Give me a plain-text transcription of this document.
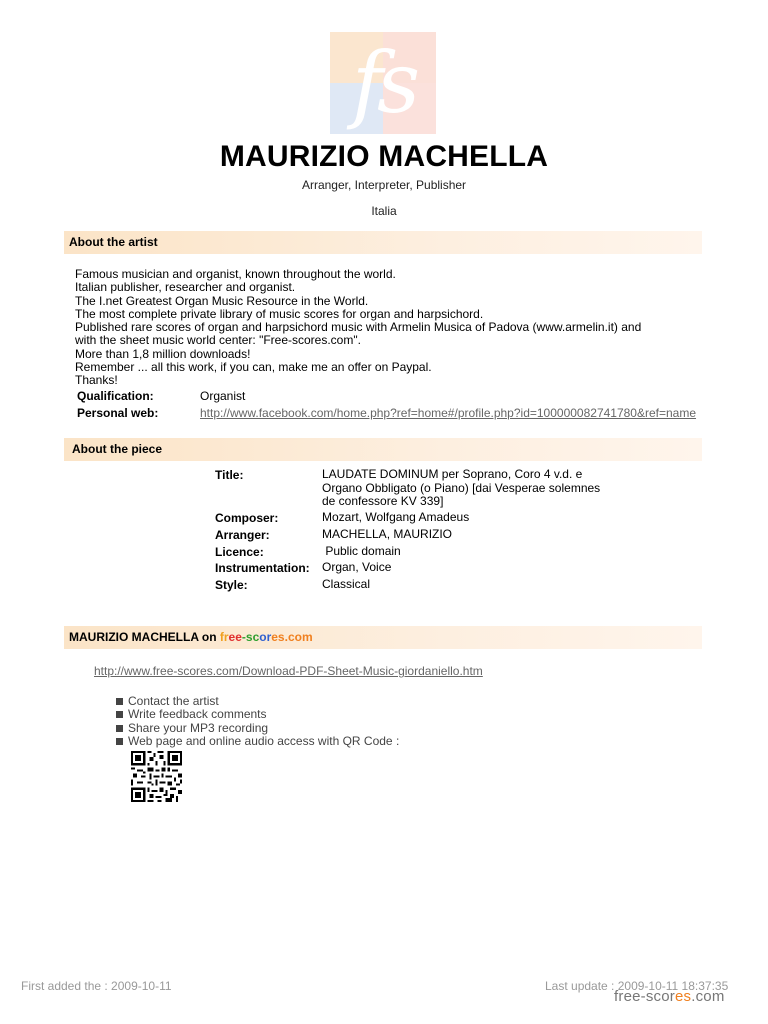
fs
MAURIZIO MACHELLA
Arranger, Interpreter, Publisher
Italia
About the artist
Famous musician and organist, known throughout the world.
Italian publisher, researcher and organist.
The I.net Greatest Organ Music Resource in the World.
The most complete private library of music scores for organ and harpsichord.
Published rare scores of organ and harpsichord music with Armelin Musica of Padova (www.armelin.it) and
with the sheet music world center: "Free-scores.com".
More than 1,8 million downloads!
Remember ... all this work, if you can, make me an offer on Paypal.
Thanks!
Qualification:	Organist
Personal web:	http://www.facebook.com/home.php?ref=home#/profile.php?id=100000082741780&ref=name
About the piece
Title:	LAUDATE DOMINUM per Soprano, Coro 4 v.d. e
Organo Obbligato (o Piano) [dai Vesperae solemnes
de confessore KV 339]
Composer:	Mozart, Wolfgang Amadeus
Arranger:	MACHELLA, MAURIZIO
Licence:	Public domain
Instrumentation: Organ, Voice
Style:	Classical
MAURIZIO MACHELLA on free-scores.com
http://www.free-scores.com/Download-PDF-Sheet-Music-giordaniello.htm
Contact the artist
Write feedback comments
Share your MP3 recording
Web page and online audio access with QR Code :
First added the : 2009-10-11	Last update : 2009-10-11 18:37:35
free-scores.com
